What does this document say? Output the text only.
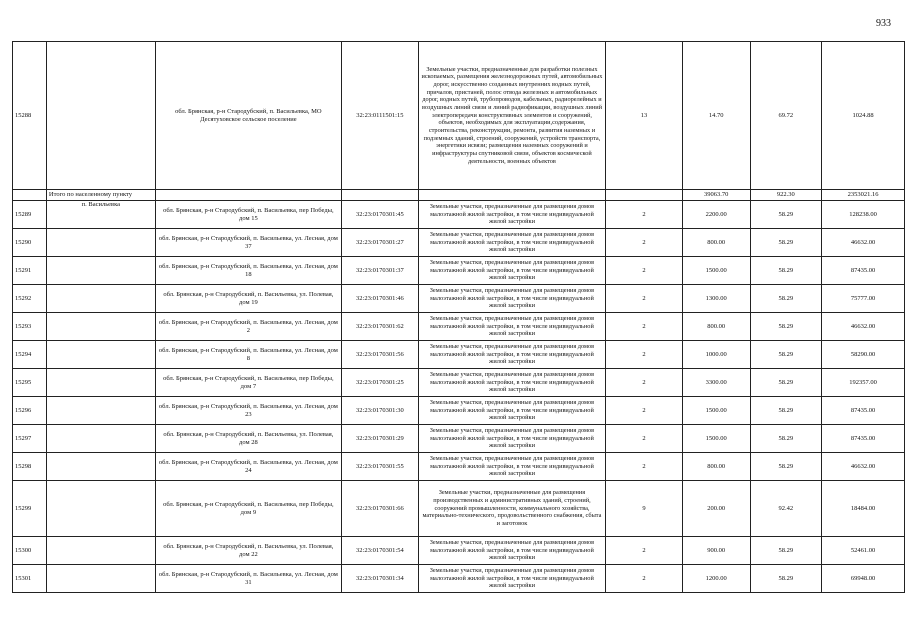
933
15288		обл. Брянская, р-н Стародубский, п. Васильевка, МО Десятуховское сельское поселение	32:23:0111501:15	Земельные участки, предназначенные для разработки полезных ископаемых, размещения железнодорожных путей, автомобильных дорог, искусственно созданных внутренних водных путей, причалов, пристаней, полос отвода железных и автомобильных дорог, водных путей, трубопроводов, кабельных, радиорелейных и воздушных линий связи и линий радиофикации, воздушных линий электропередачи конструктивных элементов и сооружений, объектов, необходимых для эксплуатации,содержания, строительства, реконструкции, ремонта, развития наземных и подземных зданий, строений, сооружений, устройств транспорта, энергетики исвязи; размещения наземных сооружений и инфраструктуры спутниковой связи, объектов космической деятельности, военных объектов	13	14.70	69.72	1024.88
	Итого по населенному пункту					39063.70	922.30	2353021.16
15289	п. Васильевка	обл. Брянская, р-н Стародубский, п. Васильевка, пер Победы, дом 15	32:23:0170301:45	Земельные участки, предназначенные для размещения домов малоэтажной жилой застройки, в том числе индивидуальной жилой застройки	2	2200.00	58.29	128238.00
15290		обл. Брянская, р-н Стародубский, п. Васильевка, ул. Лесная, дом 37	32:23:0170301:27	Земельные участки, предназначенные для размещения домов малоэтажной жилой застройки, в том числе индивидуальной жилой застройки	2	800.00	58.29	46632.00
15291		обл. Брянская, р-н Стародубский, п. Васильевка, ул. Лесная, дом 18	32:23:0170301:37	Земельные участки, предназначенные для размещения домов малоэтажной жилой застройки, в том числе индивидуальной жилой застройки	2	1500.00	58.29	87435.00
15292		обл. Брянская, р-н Стародубский, п. Васильевка, ул. Полевая, дом 19	32:23:0170301:46	Земельные участки, предназначенные для размещения домов малоэтажной жилой застройки, в том числе индивидуальной жилой застройки	2	1300.00	58.29	75777.00
15293		обл. Брянская, р-н Стародубский, п. Васильевка, ул. Лесная, дом 2	32:23:0170301:62	Земельные участки, предназначенные для размещения домов малоэтажной жилой застройки, в том числе индивидуальной жилой застройки	2	800.00	58.29	46632.00
15294		обл. Брянская, р-н Стародубский, п. Васильевка, ул. Лесная, дом 8	32:23:0170301:56	Земельные участки, предназначенные для размещения домов малоэтажной жилой застройки, в том числе индивидуальной жилой застройки	2	1000.00	58.29	58290.00
15295		обл. Брянская, р-н Стародубский, п. Васильевка, пер Победы, дом 7	32:23:0170301:25	Земельные участки, предназначенные для размещения домов малоэтажной жилой застройки, в том числе индивидуальной жилой застройки	2	3300.00	58.29	192357.00
15296		обл. Брянская, р-н Стародубский, п. Васильевка, ул. Лесная, дом 23	32:23:0170301:30	Земельные участки, предназначенные для размещения домов малоэтажной жилой застройки, в том числе индивидуальной жилой застройки	2	1500.00	58.29	87435.00
15297		обл. Брянская, р-н Стародубский, п. Васильевка, ул. Полевая, дом 28	32:23:0170301:29	Земельные участки, предназначенные для размещения домов малоэтажной жилой застройки, в том числе индивидуальной жилой застройки	2	1500.00	58.29	87435.00
15298		обл. Брянская, р-н Стародубский, п. Васильевка, ул. Лесная, дом 24	32:23:0170301:55	Земельные участки, предназначенные для размещения домов малоэтажной жилой застройки, в том числе индивидуальной жилой застройки	2	800.00	58.29	46632.00
15299		обл. Брянская, р-н Стародубский, п. Васильевка, пер Победы, дом 9	32:23:0170301:66	Земельные участки, предназначенные для размещения производственных и административных зданий, строений, сооружений промышленности, коммунального хозяйства, материально-технического, продовольственного снабжения, сбыта и заготовок	9	200.00	92.42	18484.00
15300		обл. Брянская, р-н Стародубский, п. Васильевка, ул. Полевая, дом 22	32:23:0170301:54	Земельные участки, предназначенные для размещения домов малоэтажной жилой застройки, в том числе индивидуальной жилой застройки	2	900.00	58.29	52461.00
15301		обл. Брянская, р-н Стародубский, п. Васильевка, ул. Лесная, дом 31	32:23:0170301:34	Земельные участки, предназначенные для размещения домов малоэтажной жилой застройки, в том числе индивидуальной жилой застройки	2	1200.00	58.29	69948.00
